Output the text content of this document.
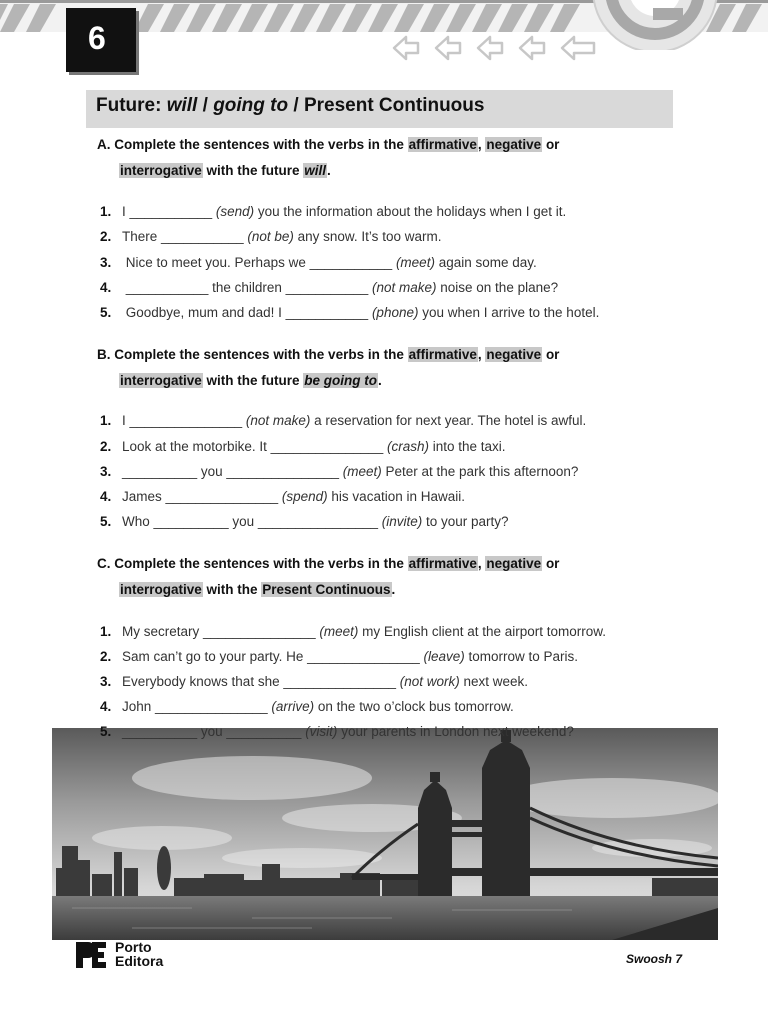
6
Future: will / going to / Present Continuous
A. Complete the sentences with the verbs in the affirmative, negative or
interrogative with the future will.
1. I ___________ (send) you the information about the holidays when I get it.
2. There ___________ (not be) any snow. It’s too warm.
3. Nice to meet you. Perhaps we ___________ (meet) again some day.
4. ___________ the children ___________ (not make) noise on the plane?
5. Goodbye, mum and dad! I ___________ (phone) you when I arrive to the hotel.
B. Complete the sentences with the verbs in the affirmative, negative or
interrogative with the future be going to.
1. I _______________ (not make) a reservation for next year. The hotel is awful.
2. Look at the motorbike. It _______________ (crash) into the taxi.
3. __________ you _______________ (meet) Peter at the park this afternoon?
4. James _______________ (spend) his vacation in Hawaii.
5. Who __________ you ________________ (invite) to your party?
C. Complete the sentences with the verbs in the affirmative, negative or
interrogative with the Present Continuous.
1. My secretary _______________ (meet) my English client at the airport tomorrow.
2. Sam can’t go to your party. He _______________ (leave) tomorrow to Paris.
3. Everybody knows that she _______________ (not work) next week.
4. John _______________ (arrive) on the two o’clock bus tomorrow.
5. __________ you __________ (visit) your parents in London next weekend?
Porto
Editora	Swoosh 7
